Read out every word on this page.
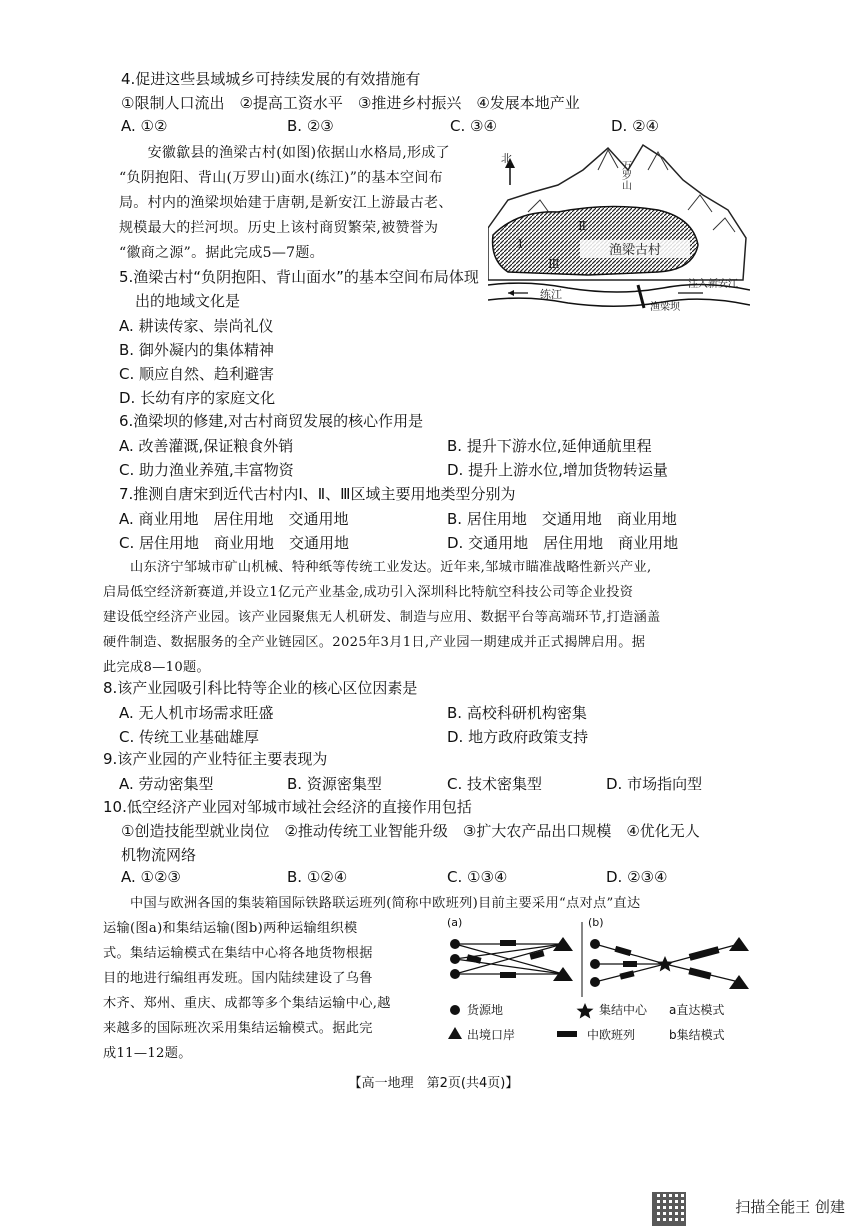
4.促进这些县域城乡可持续发展的有效措施有
①限制人口流出　②提高工资水平　③推进乡村振兴　④发展本地产业
A. ①②	B. ②③	C. ③④	D. ②④
　　安徽歙县的渔梁古村(如图)依据山水格局,形成了
“负阴抱阳、背山(万罗山)面水(练江)”的基本空间布
局。村内的渔梁坝始建于唐朝,是新安江上游最古老、
规模最大的拦河坝。历史上该村商贸繁荣,被赞誉为
“徽商之源”。据此完成5—7题。	渔梁古村
Ⅰ
Ⅱ
Ⅲ
练江
注入新安江
北
万罗山
渔梁坝
5.渔梁古村“负阴抱阳、背山面水”的基本空间布局体现
出的地域文化是
A. 耕读传家、崇尚礼仪
B. 御外凝内的集体精神
C. 顺应自然、趋利避害
D. 长幼有序的家庭文化
6.渔梁坝的修建,对古村商贸发展的核心作用是
A. 改善灌溉,保证粮食外销	B. 提升下游水位,延伸通航里程
C. 助力渔业养殖,丰富物资	D. 提升上游水位,增加货物转运量
7.推测自唐宋到近代古村内Ⅰ、Ⅱ、Ⅲ区域主要用地类型分别为
A. 商业用地　居住用地　交通用地	B. 居住用地　交通用地　商业用地
C. 居住用地　商业用地　交通用地	D. 交通用地　居住用地　商业用地
　　山东济宁邹城市矿山机械、特种纸等传统工业发达。近年来,邹城市瞄准战略性新兴产业,
启局低空经济新赛道,并设立1亿元产业基金,成功引入深圳科比特航空科技公司等企业投资
建设低空经济产业园。该产业园聚焦无人机研发、制造与应用、数据平台等高端环节,打造涵盖
硬件制造、数据服务的全产业链园区。2025年3月1日,产业园一期建成并正式揭牌启用。据
此完成8—10题。
8.该产业园吸引科比特等企业的核心区位因素是
A. 无人机市场需求旺盛	B. 高校科研机构密集
C. 传统工业基础雄厚	D. 地方政府政策支持
9.该产业园的产业特征主要表现为
A. 劳动密集型	B. 资源密集型	C. 技术密集型	D. 市场指向型
10.低空经济产业园对邹城市域社会经济的直接作用包括
①创造技能型就业岗位　②推动传统工业智能升级　③扩大农产品出口规模　④优化无人
机物流网络
A. ①②③	B. ①②④	C. ①③④	D. ②③④
　　中国与欧洲各国的集装箱国际铁路联运班列(简称中欧班列)目前主要采用“点对点”直达
运输(图a)和集结运输(图b)两种运输组织模
式。集结运输模式在集结中心将各地货物根据
目的地进行编组再发班。国内陆续建设了乌鲁
木齐、郑州、重庆、成都等多个集结运输中心,越
来越多的国际班次采用集结运输模式。据此完
成11—12题。
(a)	(b)
货源地	集结中心 a直达模式
出境口岸	中欧班列	b集结模式
【高一地理　第2页(共4页)】
扫描全能王 创建
